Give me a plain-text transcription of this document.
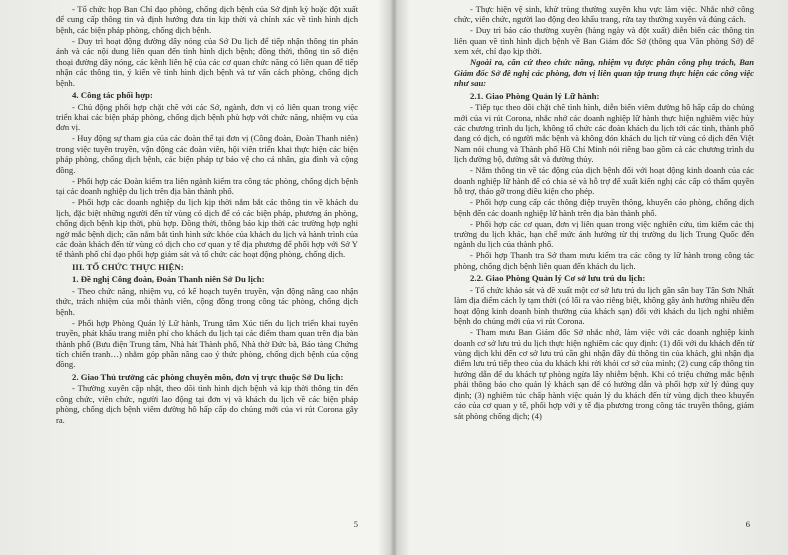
- Tổ chức họp Ban Chỉ đạo phòng, chống dịch bệnh của Sở định kỳ hoặc đột xuất để cung cấp thông tin và định hướng đưa tin kịp thời và chính xác về tình hình dịch bệnh, các biện pháp phòng, chống dịch bệnh.

- Duy trì hoạt động đường dây nóng của Sở Du lịch để tiếp nhận thông tin phản ánh và các nội dung liên quan đến tình hình dịch bệnh; đồng thời, thông tin số điện thoại đường dây nóng, các kênh liên hệ của các cơ quan chức năng có liên quan để tiếp nhận các thông tin, ý kiến về tình hình dịch bệnh và tư vấn cách phòng, chống dịch bệnh.

4. Công tác phối hợp:

- Chủ động phối hợp chặt chẽ với các Sở, ngành, đơn vị có liên quan trong việc triển khai các biện pháp phòng, chống dịch bệnh phù hợp với chức năng, nhiệm vụ của đơn vị.

- Huy động sự tham gia của các đoàn thể tại đơn vị (Công đoàn, Đoàn Thanh niên) trong việc tuyên truyền, vận động các đoàn viên, hội viên triển khai thực hiện các biện pháp phòng, chống dịch bệnh, các biện pháp tự bảo vệ cho cá nhân, gia đình và cộng đồng.

- Phối hợp các Đoàn kiểm tra liên ngành kiểm tra công tác phòng, chống dịch bệnh tại các doanh nghiệp du lịch trên địa bàn thành phố.

- Phối hợp các doanh nghiệp du lịch kịp thời nắm bắt các thông tin về khách du lịch, đặc biệt những người đến từ vùng có dịch để có các biện pháp, phương án phòng, chống dịch bệnh kịp thời, phù hợp. Đồng thời, thông báo kịp thời các trường hợp nghi ngờ mắc bệnh dịch; cần nắm bắt tình hình sức khỏe của khách du lịch và hành trình của các đoàn khách đến từ vùng có dịch cho cơ quan y tế địa phương để phối hợp với Sở Y tế thành phố chỉ đạo phối hợp giám sát và tổ chức các hoạt động phòng, chống dịch.

III. TỔ CHỨC THỰC HIỆN:
1. Đề nghị Công đoàn, Đoàn Thanh niên Sở Du lịch:

- Theo chức năng, nhiệm vụ, có kế hoạch tuyên truyền, vận động nâng cao nhận thức, trách nhiệm của mỗi thành viên, cộng đồng trong công tác phòng, chống dịch bệnh.

- Phối hợp Phòng Quản lý Lữ hành, Trung tâm Xúc tiến du lịch triển khai tuyên truyền, phát khẩu trang miễn phí cho khách du lịch tại các điểm tham quan trên địa bàn thành phố (Bưu điện Trung tâm, Nhà hát Thành phố, Nhà thờ Đức bà, Bảo tàng Chứng tích chiến tranh…) nhằm góp phần nâng cao ý thức phòng, chống dịch bệnh của cộng đồng.

2. Giao Thủ trưởng các phòng chuyên môn, đơn vị trực thuộc Sở Du lịch:

- Thường xuyên cập nhật, theo dõi tình hình dịch bệnh và kịp thời thông tin đến công chức, viên chức, người lao động tại đơn vị và khách du lịch về các biện pháp phòng, chống dịch bệnh viêm đường hô hấp cấp do chủng mới của vi rút Corona gây ra.

5

- Thực hiện vệ sinh, khử trùng thường xuyên khu vực làm việc. Nhắc nhở công chức, viên chức, người lao động đeo khẩu trang, rửa tay thường xuyên và đúng cách.

- Duy trì báo cáo thường xuyên (hàng ngày và đột xuất) diễn biến các thông tin liên quan về tình hình dịch bệnh về Ban Giám đốc Sở (thông qua Văn phòng Sở) để xem xét, chỉ đạo kịp thời.

Ngoài ra, căn cứ theo chức năng, nhiệm vụ được phân công phụ trách, Ban Giám đốc Sở đề nghị các phòng, đơn vị liên quan tập trung thực hiện các công việc như sau:

2.1. Giao Phòng Quản lý Lữ hành:

- Tiếp tục theo dõi chặt chẽ tình hình, diễn biến viêm đường hô hấp cấp do chủng mới của vi rút Corona, nhắc nhở các doanh nghiệp lữ hành thực hiện nghiêm việc hủy các chương trình du lịch, không tổ chức các đoàn khách du lịch tới các tỉnh, thành phố đang có dịch, có người mắc bệnh và không đón khách du lịch từ vùng có dịch đến Việt Nam nói chung và Thành phố Hồ Chí Minh nói riêng bao gồm cả các chương trình du lịch đường bộ, đường sắt và đường thủy.

- Nắm thông tin về tác động của dịch bệnh đối với hoạt động kinh doanh của các doanh nghiệp lữ hành để có chia sẻ và hỗ trợ để xuất kiến nghị các cấp có thẩm quyền hỗ trợ, tháo gỡ trong điều kiện cho phép.

- Phối hợp cung cấp các thông điệp truyền thông, khuyến cáo phòng, chống dịch bệnh đến các doanh nghiệp lữ hành trên địa bàn thành phố.

- Phối hợp các cơ quan, đơn vị liên quan trong việc nghiên cứu, tìm kiếm các thị trường du lịch khác, hạn chế mức ảnh hưởng từ thị trường du lịch Trung Quốc đến ngành du lịch của thành phố.

- Phối hợp Thanh tra Sở tham mưu kiểm tra các công ty lữ hành trong công tác phòng, chống dịch bệnh liên quan đến khách du lịch.

2.2. Giao Phòng Quản lý Cơ sở lưu trú du lịch:

- Tổ chức khảo sát và đề xuất một cơ sở lưu trú du lịch gần sân bay Tân Sơn Nhất làm địa điểm cách ly tạm thời (có lối ra vào riêng biệt, không gây ảnh hưởng nhiều đến hoạt động kinh doanh bình thường của khách sạn) đối với khách du lịch nghi nhiễm bệnh do chủng mới của vi rút Corona.

- Tham mưu Ban Giám đốc Sở nhắc nhở, làm việc với các doanh nghiệp kinh doanh cơ sở lưu trú du lịch thực hiện nghiêm các quy định: (1) đối với du khách đến từ vùng dịch khi đến cơ sở lưu trú cần ghi nhận đầy đủ thông tin của khách, ghi nhận địa điểm lưu trú tiếp theo của du khách khi rời khỏi cơ sở của mình; (2) cung cấp thông tin hướng dẫn để du khách tự phòng ngừa lây nhiễm bệnh. Khi có triệu chứng mắc bệnh phải thông báo cho quản lý khách sạn để có hướng dẫn và phối hợp xử lý đúng quy định; (3) nghiêm túc chấp hành việc quản lý du khách đến từ vùng dịch theo khuyến cáo của cơ quan y tế, phối hợp với y tế địa phương trong công tác truyền thông, giám sát phòng chống dịch; (4)

6
